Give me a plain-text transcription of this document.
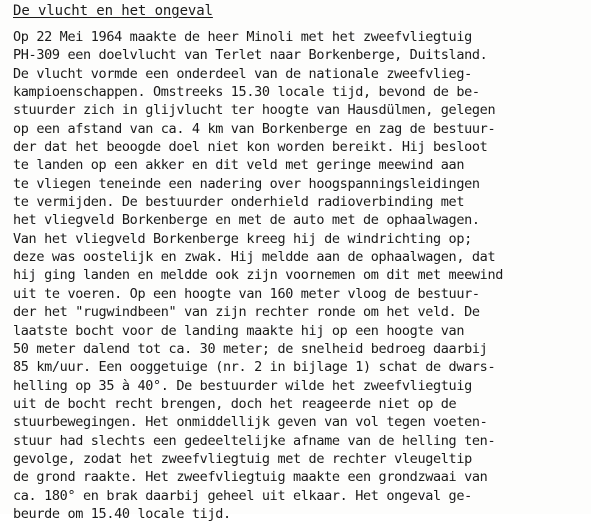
De vlucht en het ongeval
Op 22 Mei 1964 maakte de heer Minoli met het zweefvliegtuig
PH-309 een doelvlucht van Terlet naar Borkenberge, Duitsland.
De vlucht vormde een onderdeel van de nationale zweefvlieg-
kampioenschappen. Omstreeks 15.30 locale tijd, bevond de be-
stuurder zich in glijvlucht ter hoogte van Hausdülmen, gelegen
op een afstand van ca. 4 km van Borkenberge en zag de bestuur-
der dat het beoogde doel niet kon worden bereikt. Hij besloot
te landen op een akker en dit veld met geringe meewind aan
te vliegen teneinde een nadering over hoogspanningsleidingen
te vermijden. De bestuurder onderhield radioverbinding met
het vliegveld Borkenberge en met de auto met de ophaalwagen.
Van het vliegveld Borkenberge kreeg hij de windrichting op;
deze was oostelijk en zwak. Hij meldde aan de ophaalwagen, dat
hij ging landen en meldde ook zijn voornemen om dit met meewind
uit te voeren. Op een hoogte van 160 meter vloog de bestuur-
der het "rugwindbeen" van zijn rechter ronde om het veld. De
laatste bocht voor de landing maakte hij op een hoogte van
50 meter dalend tot ca. 30 meter; de snelheid bedroeg daarbij
85 km/uur. Een ooggetuige (nr. 2 in bijlage 1) schat de dwars-
helling op 35 à 40°. De bestuurder wilde het zweefvliegtuig
uit de bocht recht brengen, doch het reageerde niet op de
stuurbewegingen. Het onmiddellijk geven van vol tegen voeten-
stuur had slechts een gedeeltelijke afname van de helling ten-
gevolge, zodat het zweefvliegtuig met de rechter vleugeltip
de grond raakte. Het zweefvliegtuig maakte een grondzwaai van
ca. 180° en brak daarbij geheel uit elkaar. Het ongeval ge-
beurde om 15.40 locale tijd.
